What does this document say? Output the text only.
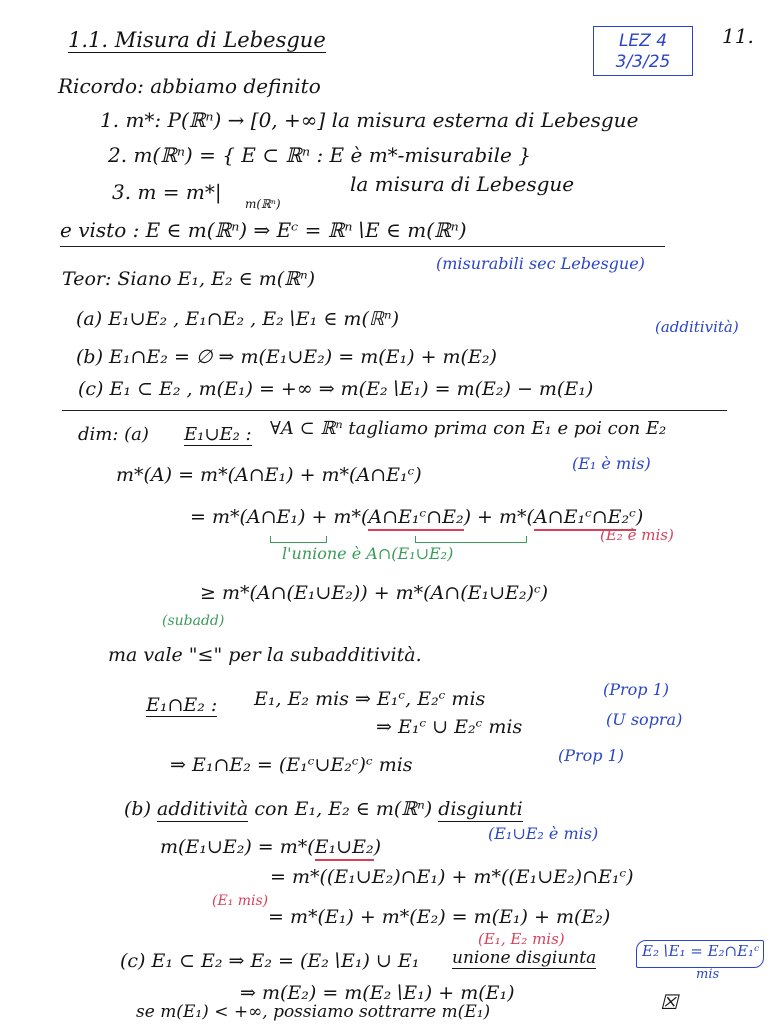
1.1. Misura di Lebesgue	11.
LEZ 4
3/3/25
Ricordo: abbiamo definito
1. m*: P(ℝⁿ) → [0, +∞] la misura esterna di Lebesgue
2. m(ℝⁿ) = { E ⊂ ℝⁿ : E è m*-misurabile }
3. m = m*| m(ℝⁿ)
la misura di Lebesgue
e visto : E ∈ m(ℝⁿ) ⇒ Eᶜ = ℝⁿ∖E ∈ m(ℝⁿ)
Teor: Siano E₁, E₂ ∈ m(ℝⁿ)
(misurabili sec Lebesgue)
(a) E₁∪E₂ , E₁∩E₂ , E₂∖E₁ ∈ m(ℝⁿ)
(b) E₁∩E₂ = ∅ ⇒ m(E₁∪E₂) = m(E₁) + m(E₂)
(additività)
(c) E₁ ⊂ E₂ , m(E₁) = +∞ ⇒ m(E₂∖E₁) = m(E₂) − m(E₁)
dim: (a) E₁∪E₂ : ∀A ⊂ ℝⁿ tagliamo prima con E₁ e poi con E₂
m*(A) = m*(A∩E₁) + m*(A∩E₁ᶜ)
(E₁ è mis)
= m*(A∩E₁) + m*(A∩E₁ᶜ∩E₂) + m*(A∩E₁ᶜ∩E₂ᶜ)
l'unione è A∩(E₁∪E₂)
(E₂ è mis)
≥ m*(A∩(E₁∪E₂)) + m*(A∩(E₁∪E₂)ᶜ)
(subadd)
ma vale "≤" per la subadditività.
E₁∩E₂ : E₁, E₂ mis ⇒ E₁ᶜ, E₂ᶜ mis	(Prop 1)
⇒ E₁ᶜ ∪ E₂ᶜ mis	(U sopra)
⇒ E₁∩E₂ = (E₁ᶜ∪E₂ᶜ)ᶜ mis	(Prop 1)
(b) additività con E₁, E₂ ∈ m(ℝⁿ) disgiunti
m(E₁∪E₂) = m*(E₁∪E₂)
(E₁∪E₂ è mis)
= m*((E₁∪E₂)∩E₁) + m*((E₁∪E₂)∩E₁ᶜ)
(E₁ mis)
= m*(E₁) + m*(E₂) = m(E₁) + m(E₂)
(E₁, E₂ mis)
(c) E₁ ⊂ E₂ ⇒ E₂ = (E₂∖E₁) ∪ E₁ unione disgiunta	E₂∖E₁ = E₂∩E₁ᶜ
mis
⇒ m(E₂) = m(E₂∖E₁) + m(E₁)
se m(E₁) < +∞, possiamo sottrarre m(E₁)	☒
